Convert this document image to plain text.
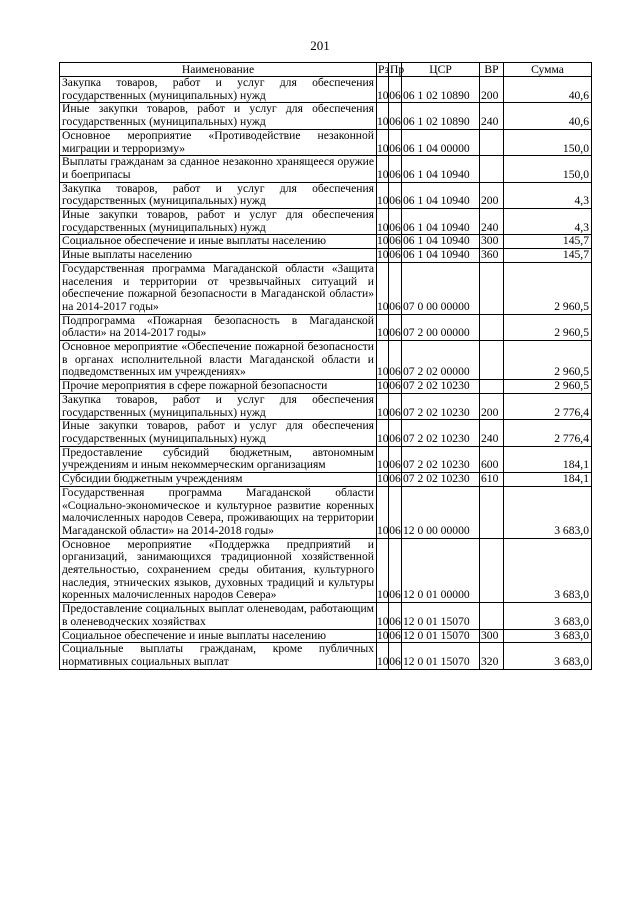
201
Наименование	Рз	Пр	ЦСР	ВР	Сумма
Закупка товаров, работ и услуг для обеспечения государственных (муниципальных) нужд	10	06	06 1 02 10890	200	40,6
Иные закупки товаров, работ и услуг для обеспечения государственных (муниципальных) нужд	10	06	06 1 02 10890	240	40,6
Основное мероприятие «Противодействие незаконной миграции и терроризму»	10	06	06 1 04 00000		150,0
Выплаты гражданам за сданное незаконно хранящееся оружие и боеприпасы	10	06	06 1 04 10940		150,0
Закупка товаров, работ и услуг для обеспечения государственных (муниципальных) нужд	10	06	06 1 04 10940	200	4,3
Иные закупки товаров, работ и услуг для обеспечения государственных (муниципальных) нужд	10	06	06 1 04 10940	240	4,3
Социальное обеспечение и иные выплаты населению	10	06	06 1 04 10940	300	145,7
Иные выплаты населению	10	06	06 1 04 10940	360	145,7
Государственная программа Магаданской области «Защита населения и территории от чрезвычайных ситуаций и обеспечение пожарной безопасности в Магаданской области» на 2014-2017 годы»	10	06	07 0 00 00000		2 960,5
Подпрограмма «Пожарная безопасность в Магаданской области» на 2014-2017 годы»	10	06	07 2 00 00000		2 960,5
Основное мероприятие «Обеспечение пожарной безопасности в органах исполнительной власти Магаданской области и подведомственных им учреждениях»	10	06	07 2 02 00000		2 960,5
Прочие мероприятия в сфере пожарной безопасности	10	06	07 2 02 10230		2 960,5
Закупка товаров, работ и услуг для обеспечения государственных (муниципальных) нужд	10	06	07 2 02 10230	200	2 776,4
Иные закупки товаров, работ и услуг для обеспечения государственных (муниципальных) нужд	10	06	07 2 02 10230	240	2 776,4
Предоставление субсидий бюджетным, автономным учреждениям и иным некоммерческим организациям	10	06	07 2 02 10230	600	184,1
Субсидии бюджетным учреждениям	10	06	07 2 02 10230	610	184,1
Государственная программа Магаданской области «Социально-экономическое и культурное развитие коренных малочисленных народов Севера, проживающих на территории Магаданской области» на 2014-2018 годы»	10	06	12 0 00 00000		3 683,0
Основное мероприятие «Поддержка предприятий и организаций, занимающихся традиционной хозяйственной деятельностью, сохранением среды обитания, культурного наследия, этнических языков, духовных традиций и культуры коренных малочисленных народов Севера»	10	06	12 0 01 00000		3 683,0
Предоставление социальных выплат оленеводам, работающим в оленеводческих хозяйствах	10	06	12 0 01 15070		3 683,0
Социальное обеспечение и иные выплаты населению	10	06	12 0 01 15070	300	3 683,0
Социальные выплаты гражданам, кроме публичных нормативных социальных выплат	10	06	12 0 01 15070	320	3 683,0
